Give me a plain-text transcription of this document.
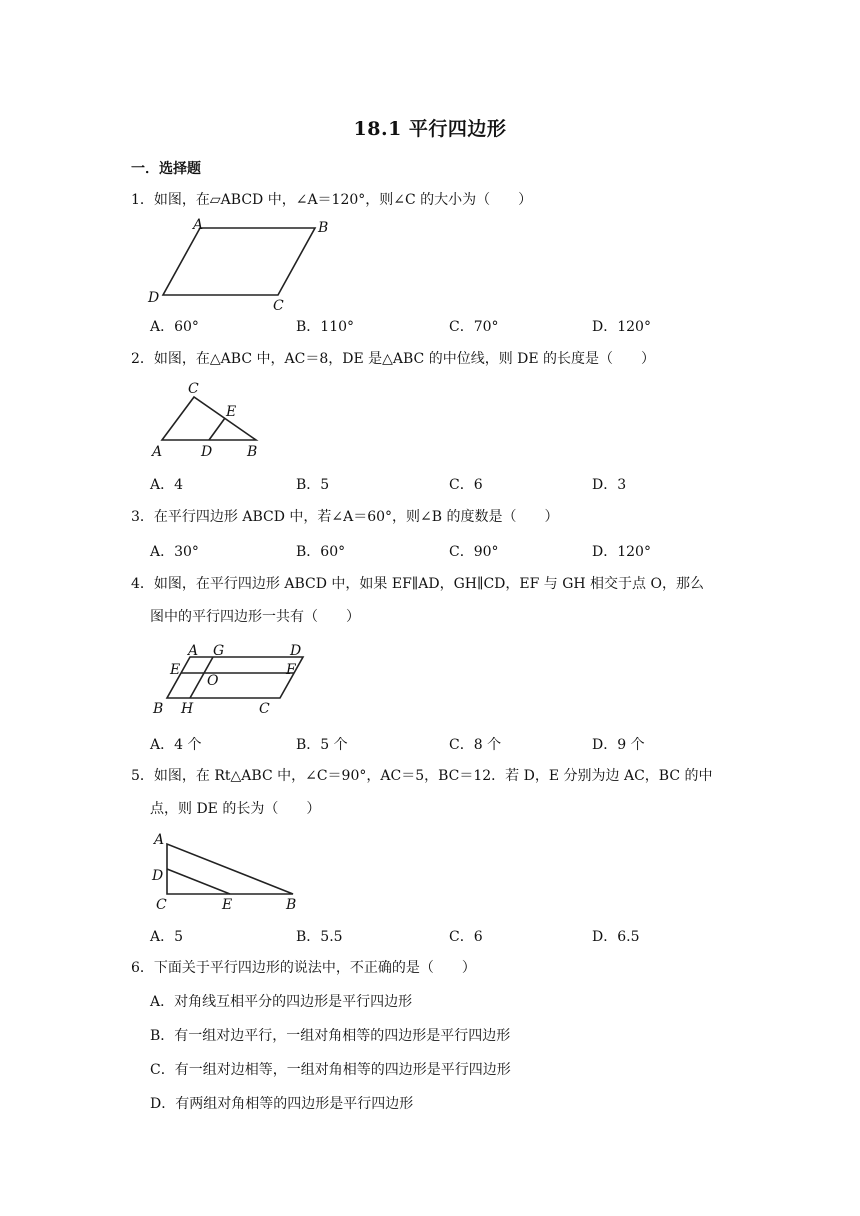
18.1 平行四边形
一．选择题
1．如图，在▱ABCD 中，∠A＝120°，则∠C 的大小为（　　）
A	B
C
D
A．60°	B．110°	C．70°	D．120°
2．如图，在△ABC 中，AC＝8，DE 是△ABC 的中位线，则 DE 的长度是（　　）
C
E
A	D B
A．4	B．5	C．6	D．3
3．在平行四边形 ABCD 中，若∠A＝60°，则∠B 的度数是（　　）
A．30°	B．60°	C．90°	D．120°
4．如图，在平行四边形 ABCD 中，如果 EF∥AD，GH∥CD，EF 与 GH 相交于点 O，那么
图中的平行四边形一共有（　　）
A G	D
E
O
F
B H	C
A．4 个	B．5 个	C．8 个	D．9 个
5．如图，在 Rt△ABC 中，∠C＝90°，AC＝5，BC＝12．若 D，E 分别为边 AC，BC 的中
点，则 DE 的长为（　　）
A
D
C	E	B
A．5	B．5.5	C．6	D．6.5
6．下面关于平行四边形的说法中，不正确的是（　　）
A．对角线互相平分的四边形是平行四边形
B．有一组对边平行，一组对角相等的四边形是平行四边形
C．有一组对边相等，一组对角相等的四边形是平行四边形
D．有两组对角相等的四边形是平行四边形
